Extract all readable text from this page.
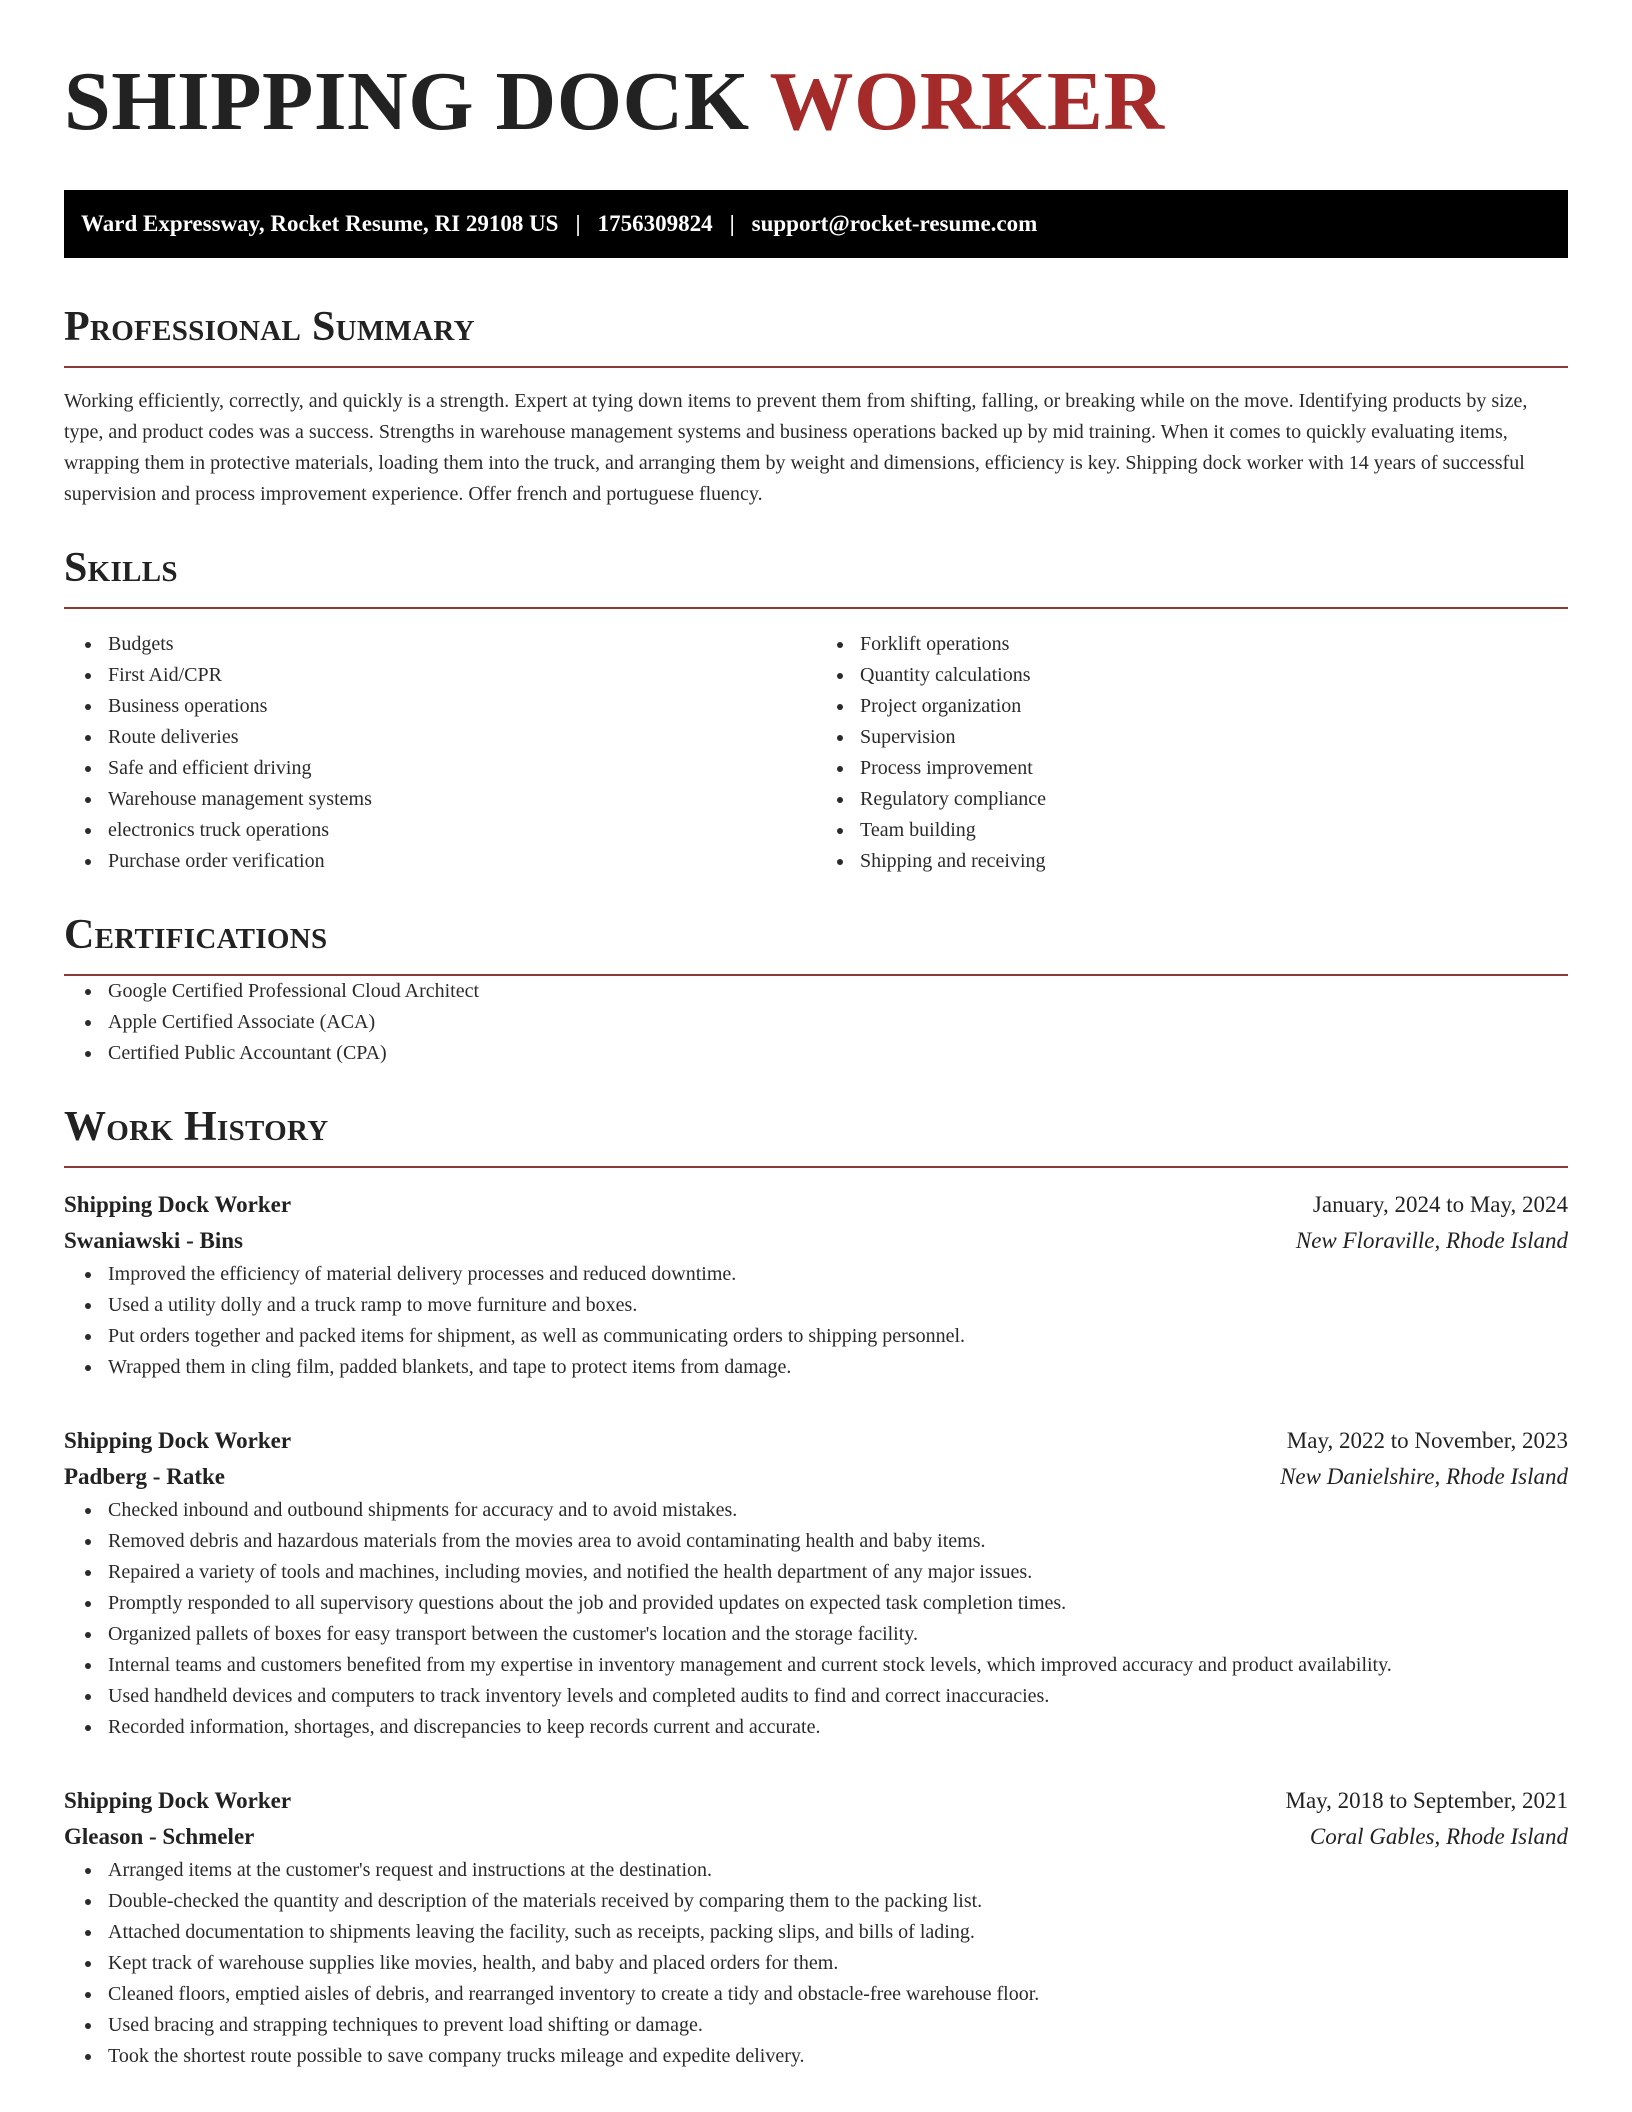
SHIPPING DOCK WORKER
Ward Expressway, Rocket Resume, RI 29108 US | 1756309824 | support@rocket-resume.com
Professional Summary

Working efficiently, correctly, and quickly is a strength. Expert at tying down items to prevent them from shifting, falling, or breaking while on the move. Identifying products by size, type, and product codes was a success. Strengths in warehouse management systems and business operations backed up by mid training. When it comes to quickly evaluating items, wrapping them in protective materials, loading them into the truck, and arranging them by weight and dimensions, efficiency is key. Shipping dock worker with 14 years of successful supervision and process improvement experience. Offer french and portuguese fluency.

Skills
Budgets
First Aid/CPR
Business operations
Route deliveries
Safe and efficient driving
Warehouse management systems
electronics truck operations
Purchase order verification
Forklift operations
Quantity calculations
Project organization
Supervision
Process improvement
Regulatory compliance
Team building
Shipping and receiving
Certifications
Google Certified Professional Cloud Architect
Apple Certified Associate (ACA)
Certified Public Accountant (CPA)
Work History
Shipping Dock Worker	January, 2024 to May, 2024
Swaniawski - Bins	New Floraville, Rhode Island
Improved the efficiency of material delivery processes and reduced downtime.
Used a utility dolly and a truck ramp to move furniture and boxes.
Put orders together and packed items for shipment, as well as communicating orders to shipping personnel.
Wrapped them in cling film, padded blankets, and tape to protect items from damage.
Shipping Dock Worker	May, 2022 to November, 2023
Padberg - Ratke	New Danielshire, Rhode Island
Checked inbound and outbound shipments for accuracy and to avoid mistakes.
Removed debris and hazardous materials from the movies area to avoid contaminating health and baby items.
Repaired a variety of tools and machines, including movies, and notified the health department of any major issues.
Promptly responded to all supervisory questions about the job and provided updates on expected task completion times.
Organized pallets of boxes for easy transport between the customer's location and the storage facility.
Internal teams and customers benefited from my expertise in inventory management and current stock levels, which improved accuracy and product availability.
Used handheld devices and computers to track inventory levels and completed audits to find and correct inaccuracies.
Recorded information, shortages, and discrepancies to keep records current and accurate.
Shipping Dock Worker	May, 2018 to September, 2021
Gleason - Schmeler	Coral Gables, Rhode Island
Arranged items at the customer's request and instructions at the destination.
Double-checked the quantity and description of the materials received by comparing them to the packing list.
Attached documentation to shipments leaving the facility, such as receipts, packing slips, and bills of lading.
Kept track of warehouse supplies like movies, health, and baby and placed orders for them.
Cleaned floors, emptied aisles of debris, and rearranged inventory to create a tidy and obstacle-free warehouse floor.
Used bracing and strapping techniques to prevent load shifting or damage.
Took the shortest route possible to save company trucks mileage and expedite delivery.
